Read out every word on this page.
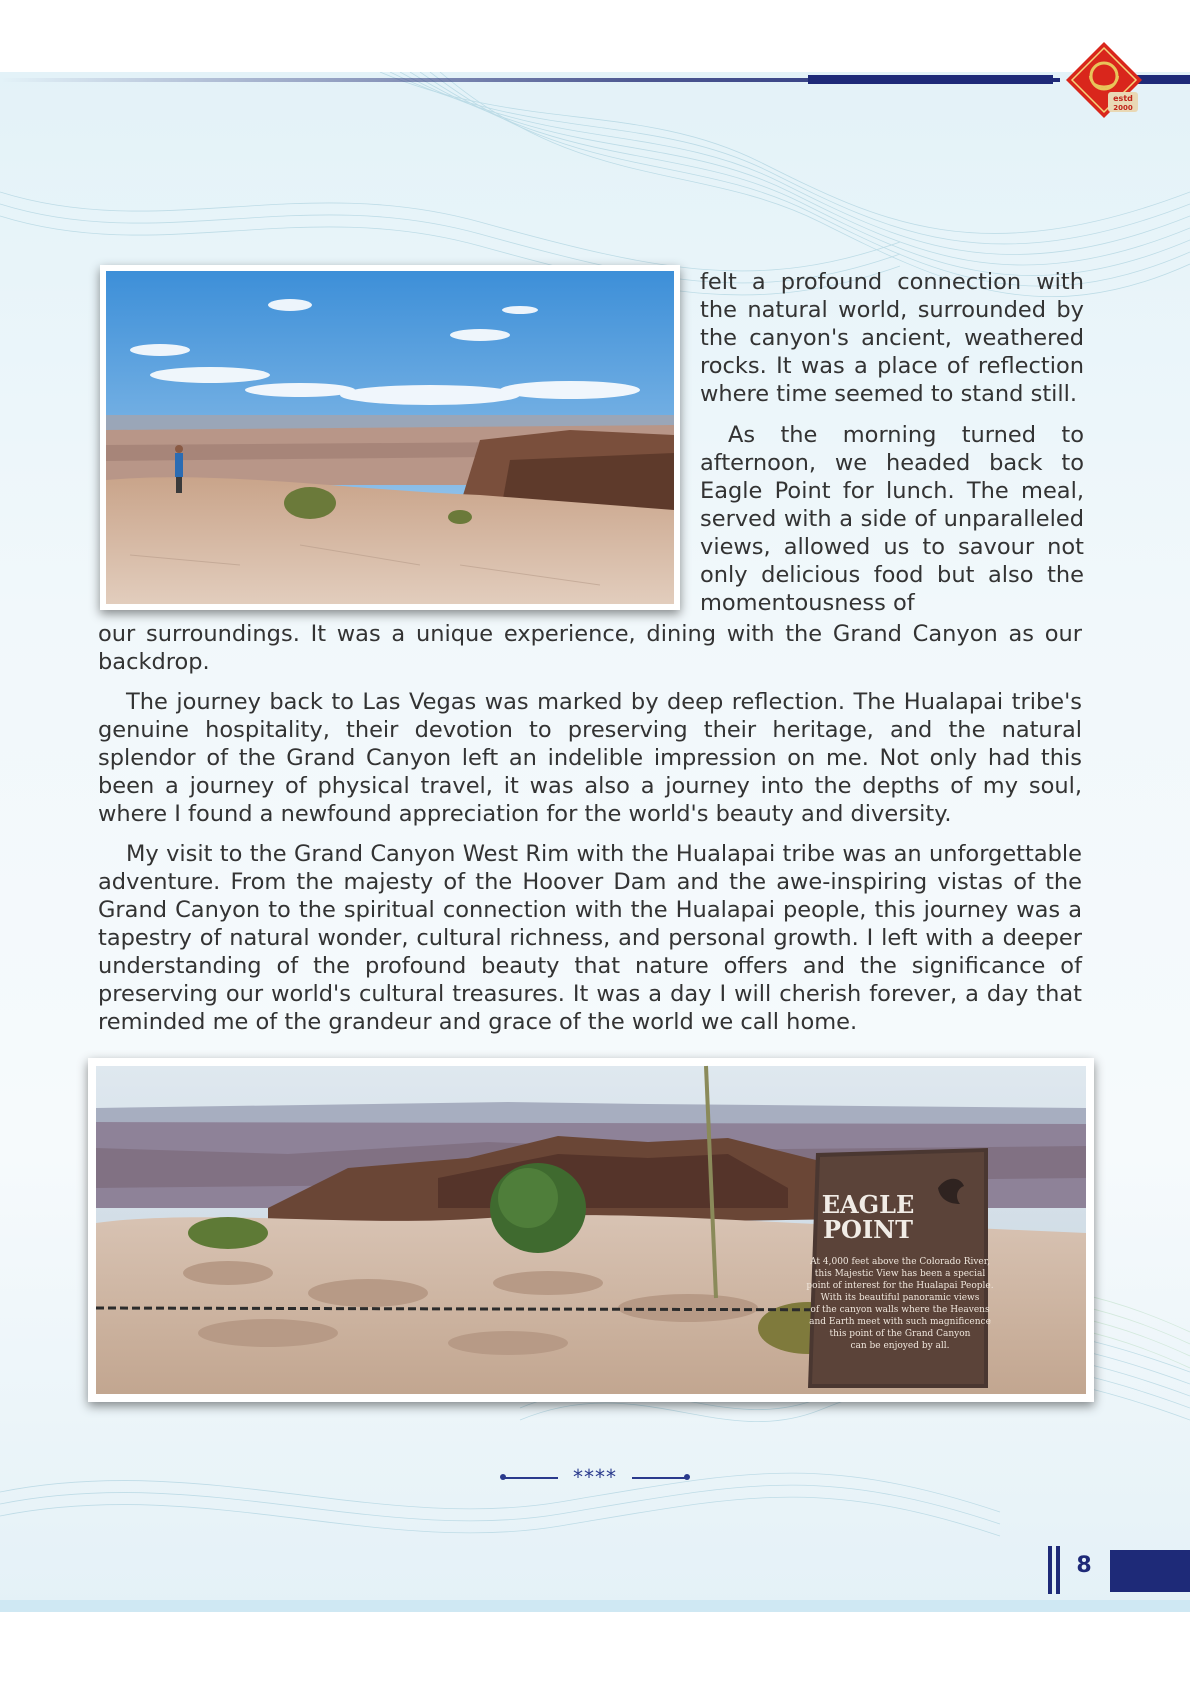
estd
2000

felt a profound connection with the natural world, surrounded by the canyon's ancient, weathered rocks. It was a place of reflection where time seemed to stand still.

As the morning turned to afternoon, we headed back to Eagle Point for lunch. The meal, served with a side of unparalleled views, allowed us to savour not only delicious food but also the momentousness of

our surroundings. It was a unique experience, dining with the Grand Canyon as our backdrop.

The journey back to Las Vegas was marked by deep reflection. The Hualapai tribe's genuine hospitality, their devotion to preserving their heritage, and the natural splendor of the Grand Canyon left an indelible impression on me. Not only had this been a journey of physical travel, it was also a journey into the depths of my soul, where I found a newfound appreciation for the world's beauty and diversity.

My visit to the Grand Canyon West Rim with the Hualapai tribe was an unforgettable adventure. From the majesty of the Hoover Dam and the awe-inspiring vistas of the Grand Canyon to the spiritual connection with the Hualapai people, this journey was a tapestry of natural wonder, cultural richness, and personal growth. I left with a deeper understanding of the profound beauty that nature offers and the significance of preserving our world's cultural treasures. It was a day I will cherish forever, a day that reminded me of the grandeur and grace of the world we call home.

EAGLE
POINT
At 4,000 feet above the Colorado River,
this Majestic View has been a special
point of interest for the Hualapai People.
With its beautiful panoramic views
of the canyon walls where the Heavens
and Earth meet with such magnificence
this point of the Grand Canyon
can be enjoyed by all.
****
8
